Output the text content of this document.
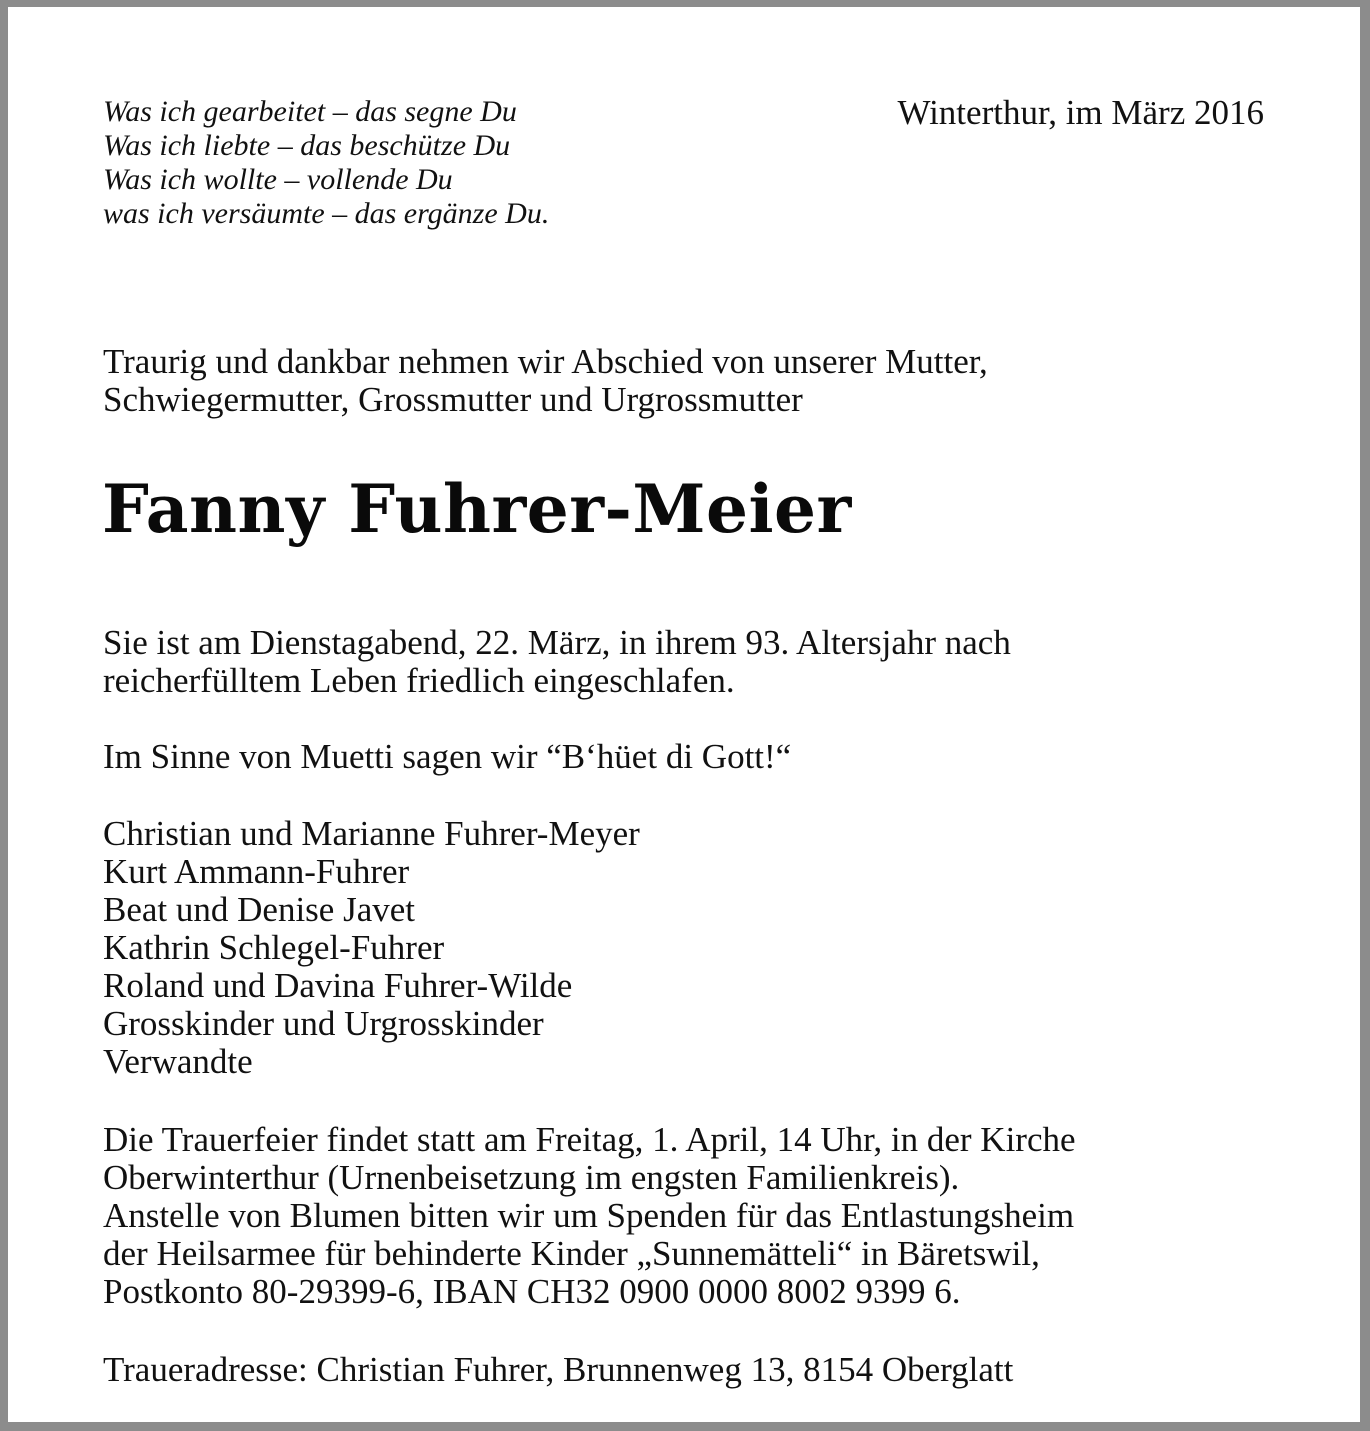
Was ich gearbeitet – das segne Du
Was ich liebte – das beschütze Du
Was ich wollte – vollende Du
was ich versäumte – das ergänze Du.
Winterthur, im März 2016
Traurig und dankbar nehmen wir Abschied von unserer Mutter,
Schwiegermutter, Grossmutter und Urgrossmutter
Fanny Fuhrer-Meier
Sie ist am Dienstagabend, 22. März, in ihrem 93. Altersjahr nach
reicherfülltem Leben friedlich eingeschlafen.
Im Sinne von Muetti sagen wir “B‘hüet di Gott!“
Christian und Marianne Fuhrer-Meyer
Kurt Ammann-Fuhrer
Beat und Denise Javet
Kathrin Schlegel-Fuhrer
Roland und Davina Fuhrer-Wilde
Grosskinder und Urgrosskinder
Verwandte
Die Trauerfeier findet statt am Freitag, 1. April, 14 Uhr, in der Kirche
Oberwinterthur (Urnenbeisetzung im engsten Familienkreis).
Anstelle von Blumen bitten wir um Spenden für das Entlastungsheim
der Heilsarmee für behinderte Kinder „Sunnemätteli“ in Bäretswil,
Postkonto 80-29399-6, IBAN CH32 0900 0000 8002 9399 6.
Traueradresse: Christian Fuhrer, Brunnenweg 13, 8154 Oberglatt
